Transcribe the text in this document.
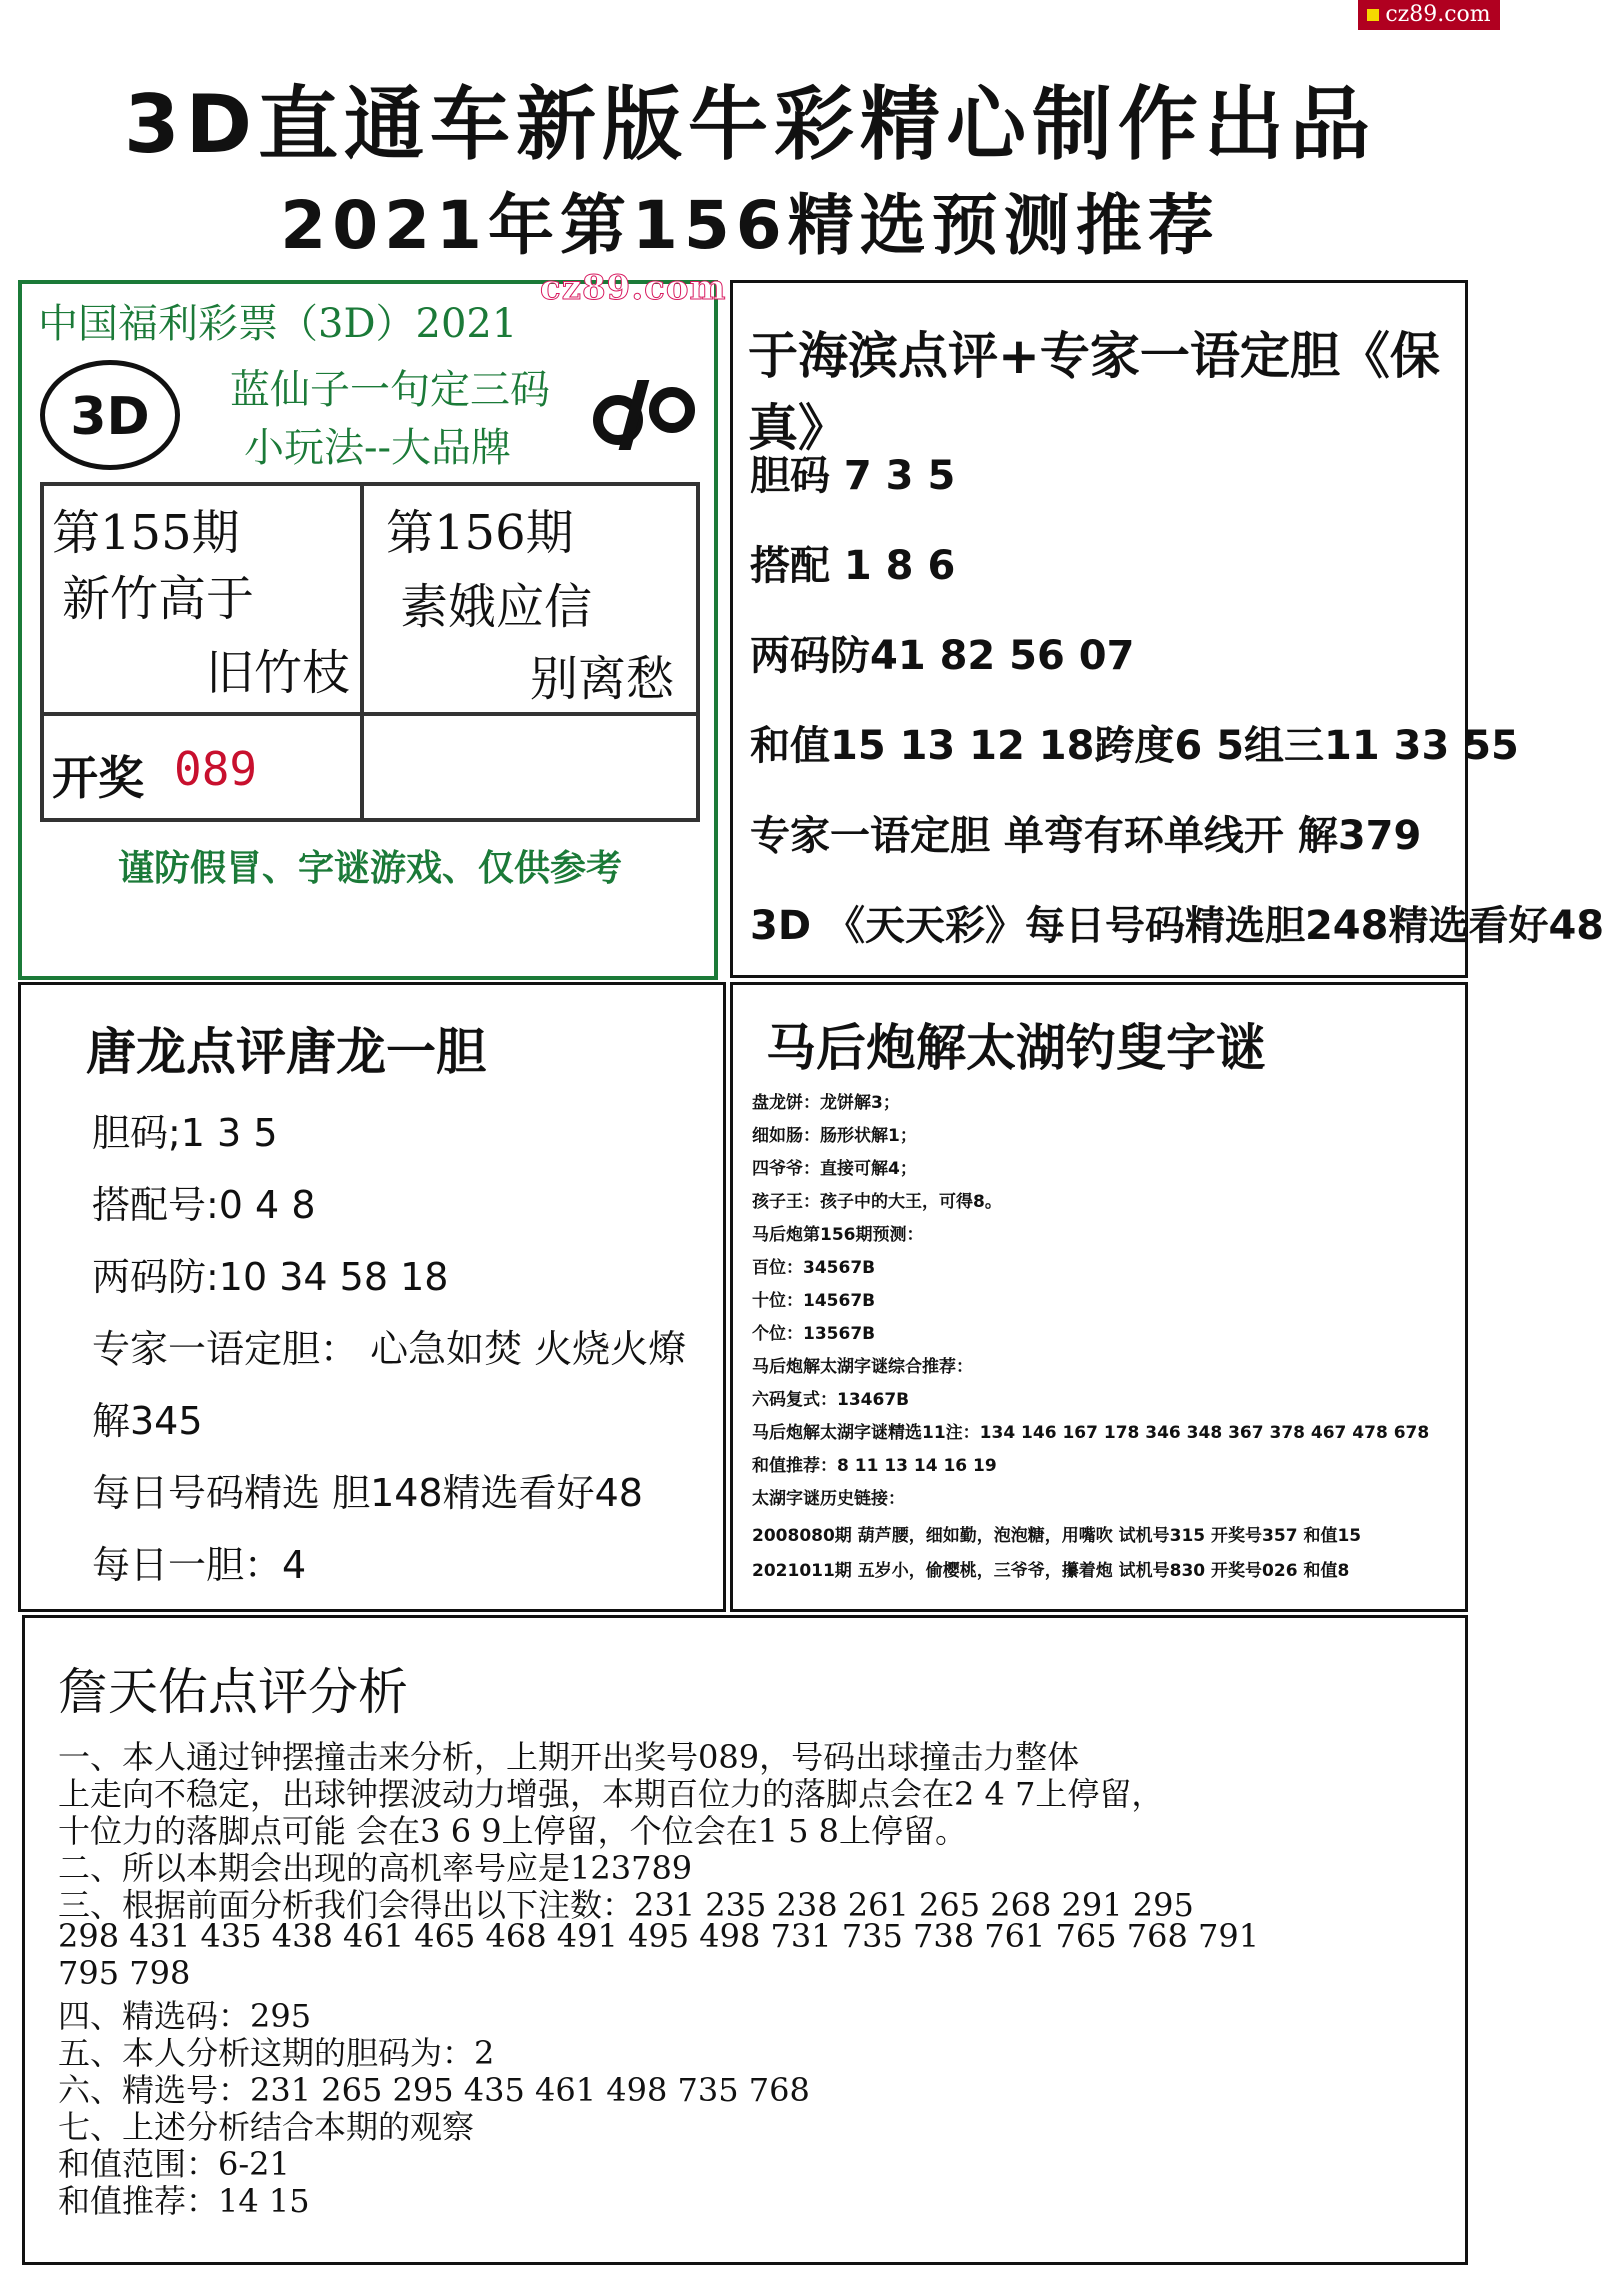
cz89.com
3D直通车新版牛彩精心制作出品
2021年第156精选预测推荐
中国福利彩票（3D）2021
cz89.com
3D	蓝仙子一句定三码
小玩法--大品牌
第155期
新竹高于
旧竹枝
第156期
素娥应信
别离愁
开奖 089
谨防假冒、字谜游戏、仅供参考
于海滨点评+专家一语定胆《保真》
胆码 7 3 5
搭配 1 8 6
两码防41 82 56 07
和值15 13 12 18跨度6 5组三11 33 55
专家一语定胆 单弯有环单线开 解379
3D 《天天彩》每日号码精选胆248精选看好48
唐龙点评唐龙一胆
胆码;1 3 5
搭配号:0 4 8
两码防:10 34 58 18
专家一语定胆： 心急如焚 火烧火燎
解345
每日号码精选 胆148精选看好48
每日一胆：4
马后炮解太湖钓叟字谜
盘龙饼：龙饼解3；
细如肠：肠形状解1；
四爷爷：直接可解4；
孩子王：孩子中的大王，可得8。
马后炮第156期预测：
百位：34567B
十位：14567B
个位：13567B
马后炮解太湖字谜综合推荐：
六码复式：13467B
马后炮解太湖字谜精选11注：134 146 167 178 346 348 367 378 467 478 678
和值推荐：8 11 13 14 16 19
太湖字谜历史链接：
2008080期 葫芦腰，细如勤，泡泡糖，用嘴吹 试机号315 开奖号357 和值15
2021011期 五岁小，偷樱桃，三爷爷，攥着炮 试机号830 开奖号026 和值8
詹天佑点评分析
一、本人通过钟摆撞击来分析，上期开出奖号089，号码出球撞击力整体
上走向不稳定，出球钟摆波动力增强，本期百位力的落脚点会在2 4 7上停留，
十位力的落脚点可能 会在3 6 9上停留，个位会在1 5 8上停留。
二、所以本期会出现的高机率号应是123789
三、根据前面分析我们会得出以下注数：231 235 238 261 265 268 291 295
298 431 435 438 461 465 468 491 495 498 731 735 738 761 765 768 791
795 798
四、精选码：295
五、本人分析这期的胆码为：2
六、精选号：231 265 295 435 461 498 735 768
七、上述分析结合本期的观察
和值范围：6-21
和值推荐：14 15
